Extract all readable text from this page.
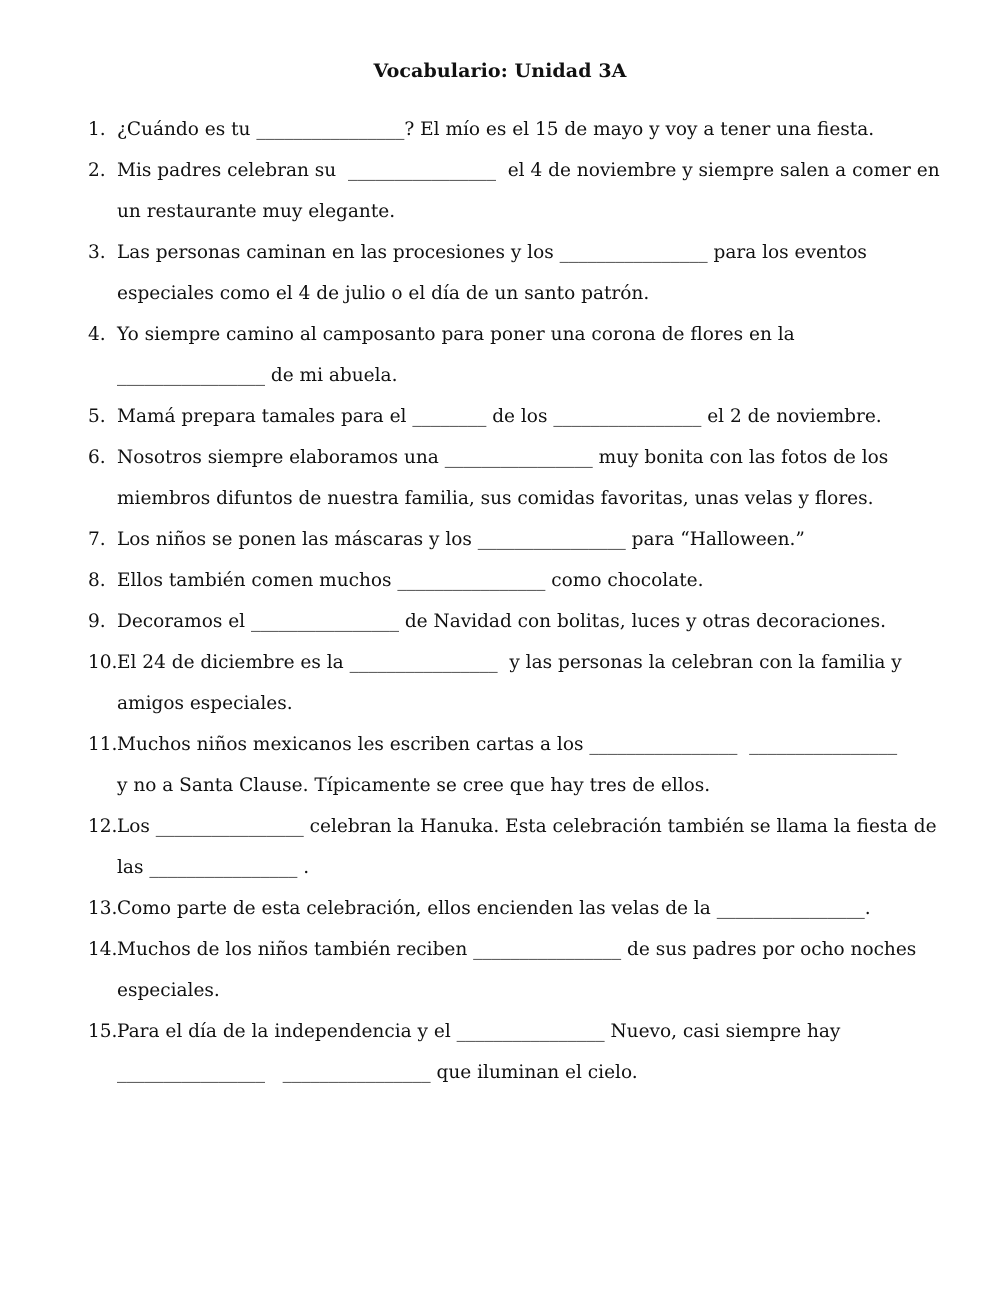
Vocabulario: Unidad 3A
1. ¿Cuándo es tu ________________? El mío es el 15 de mayo y voy a tener una fiesta.
2. Mis padres celebran su  ________________  el 4 de noviembre y siempre salen a comer en
un restaurante muy elegante.
3. Las personas caminan en las procesiones y los ________________ para los eventos
especiales como el 4 de julio o el día de un santo patrón.
4. Yo siempre camino al camposanto para poner una corona de flores en la
________________ de mi abuela.
5. Mamá prepara tamales para el ________ de los ________________ el 2 de noviembre.
6. Nosotros siempre elaboramos una ________________ muy bonita con las fotos de los
miembros difuntos de nuestra familia, sus comidas favoritas, unas velas y flores.
7. Los niños se ponen las máscaras y los ________________ para “Halloween.”
8. Ellos también comen muchos ________________ como chocolate.
9. Decoramos el ________________ de Navidad con bolitas, luces y otras decoraciones.
10. El 24 de diciembre es la ________________  y las personas la celebran con la familia y
amigos especiales.
11. Muchos niños mexicanos les escriben cartas a los ________________  ________________
y no a Santa Clause. Típicamente se cree que hay tres de ellos.
12. Los ________________ celebran la Hanuka. Esta celebración también se llama la fiesta de
las ________________ .
13. Como parte de esta celebración, ellos encienden las velas de la ________________.
14. Muchos de los niños también reciben ________________ de sus padres por ocho noches
especiales.
15. Para el día de la independencia y el ________________ Nuevo, casi siempre hay
________________   ________________ que iluminan el cielo.
